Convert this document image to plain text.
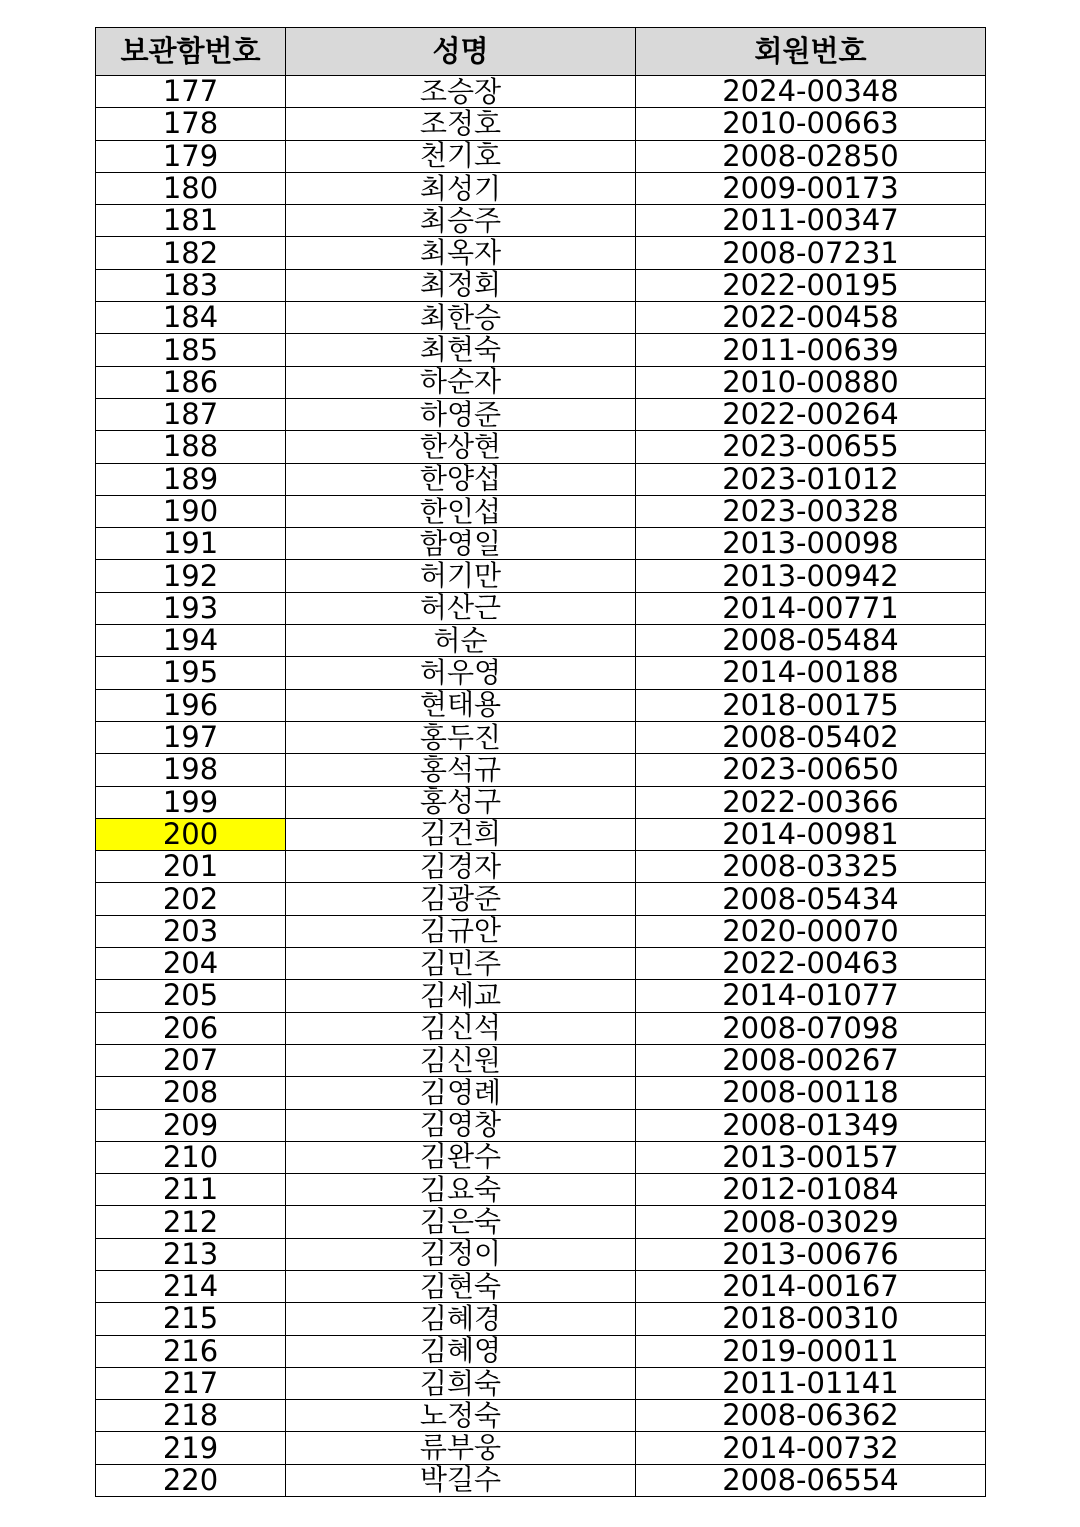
보관함번호	성명	회원번호
177	조승장	2024-00348
178	조정호	2010-00663
179	천기호	2008-02850
180	최성기	2009-00173
181	최승주	2011-00347
182	최옥자	2008-07231
183	최정회	2022-00195
184	최한승	2022-00458
185	최현숙	2011-00639
186	하순자	2010-00880
187	하영준	2022-00264
188	한상현	2023-00655
189	한양섭	2023-01012
190	한인섭	2023-00328
191	함영일	2013-00098
192	허기만	2013-00942
193	허산근	2014-00771
194	허순	2008-05484
195	허우영	2014-00188
196	현태용	2018-00175
197	홍두진	2008-05402
198	홍석규	2023-00650
199	홍성구	2022-00366
200	김건희	2014-00981
201	김경자	2008-03325
202	김광준	2008-05434
203	김규안	2020-00070
204	김민주	2022-00463
205	김세교	2014-01077
206	김신석	2008-07098
207	김신원	2008-00267
208	김영례	2008-00118
209	김영창	2008-01349
210	김완수	2013-00157
211	김요숙	2012-01084
212	김은숙	2008-03029
213	김정이	2013-00676
214	김현숙	2014-00167
215	김혜경	2018-00310
216	김혜영	2019-00011
217	김희숙	2011-01141
218	노정숙	2008-06362
219	류부웅	2014-00732
220	박길수	2008-06554
